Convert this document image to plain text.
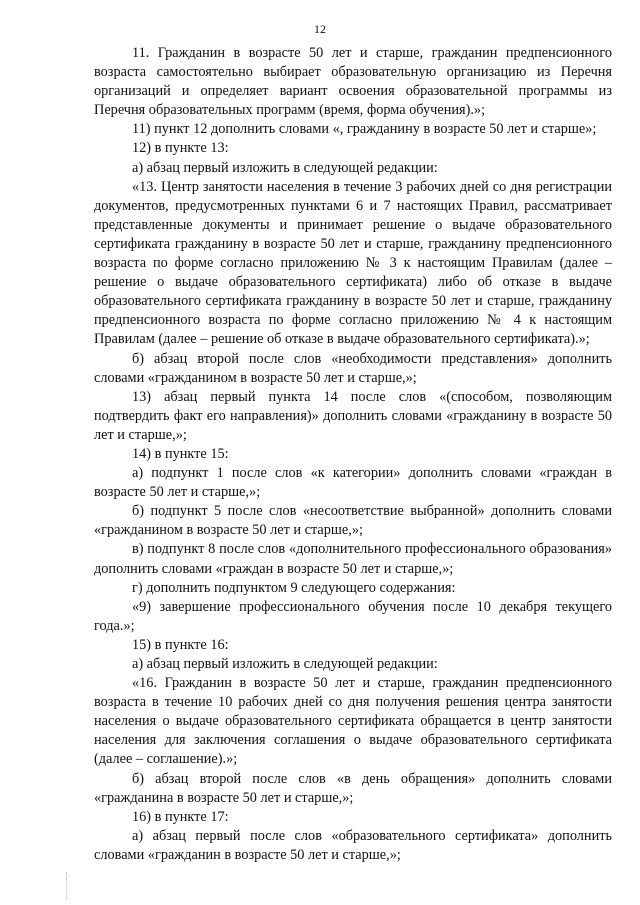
12

11. Гражданин в возрасте 50 лет и старше, гражданин предпенсионного возраста самостоятельно выбирает образовательную организацию из Перечня организаций и определяет вариант освоения образовательной программы из Перечня образовательных программ (время, форма обучения).»;

11) пункт 12 дополнить словами «, гражданину в возрасте 50 лет и старше»;

12) в пункте 13:

а) абзац первый изложить в следующей редакции:

«13. Центр занятости населения в течение 3 рабочих дней со дня регистрации документов, предусмотренных пунктами 6 и 7 настоящих Правил, рассматривает представленные документы и принимает решение о выдаче образовательного сертификата гражданину в возрасте 50 лет и старше, гражданину предпенсионного возраста по форме согласно приложению № 3 к настоящим Правилам (далее – решение о выдаче образовательного сертификата) либо об отказе в выдаче образовательного сертификата гражданину в возрасте 50 лет и старше, гражданину предпенсионного возраста по форме согласно приложению № 4 к настоящим Правилам (далее – решение об отказе в выдаче образовательного сертификата).»;

б) абзац второй после слов «необходимости представления» дополнить словами «гражданином в возрасте 50 лет и старше,»;

13) абзац первый пункта 14 после слов «(способом, позволяющим подтвердить факт его направления)» дополнить словами «гражданину в возрасте 50 лет и старше,»;

14) в пункте 15:

а) подпункт 1 после слов «к категории» дополнить словами «граждан в возрасте 50 лет и старше,»;

б) подпункт 5 после слов «несоответствие выбранной» дополнить словами «гражданином в возрасте 50 лет и старше,»;

в) подпункт 8 после слов «дополнительного профессионального образования» дополнить словами «граждан в возрасте 50 лет и старше,»;

г) дополнить подпунктом 9 следующего содержания:

«9) завершение профессионального обучения после 10 декабря текущего года.»;

15) в пункте 16:

а) абзац первый изложить в следующей редакции:

«16. Гражданин в возрасте 50 лет и старше, гражданин предпенсионного возраста в течение 10 рабочих дней со дня получения решения центра занятости населения о выдаче образовательного сертификата обращается в центр занятости населения для заключения соглашения о выдаче образовательного сертификата (далее – соглашение).»;

б) абзац второй после слов «в день обращения» дополнить словами «гражданина в возрасте 50 лет и старше,»;

16) в пункте 17:

а) абзац первый после слов «образовательного сертификата» дополнить словами «гражданин в возрасте 50 лет и старше,»;
